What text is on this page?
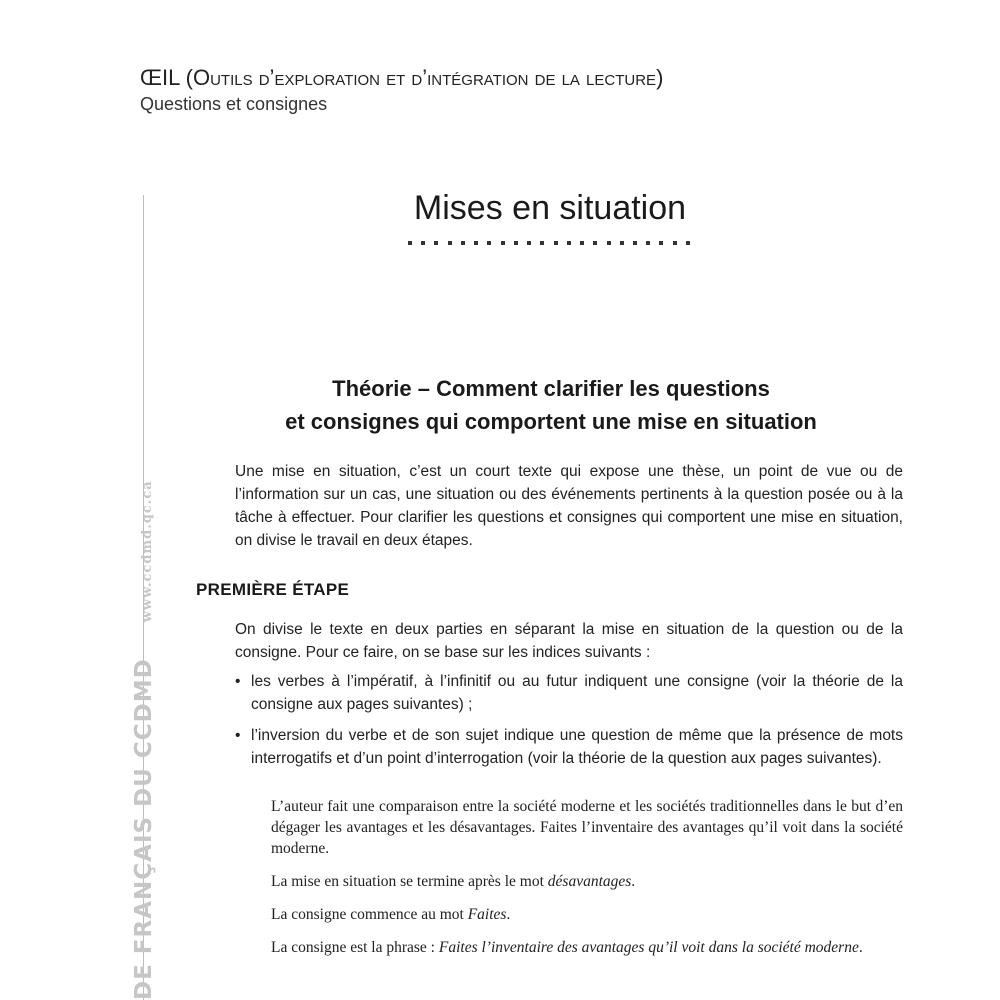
ŒIL (Outils d’exploration et d’intégration de la lecture)
Questions et consignes
DE FRANÇAIS DU CCDMDwww.ccdmd.qc.ca
Mises en situation
Théorie – Comment clarifier les questions
et consignes qui comportent une mise en situation

Une mise en situation, c’est un court texte qui expose une thèse, un point de vue ou de l’information sur un cas, une situation ou des événements pertinents à la question posée ou à la tâche à effectuer. Pour clarifier les questions et consignes qui comportent une mise en situation, on divise le travail en deux étapes.

PREMIÈRE ÉTAPE

On divise le texte en deux parties en séparant la mise en situation de la question ou de la consigne. Pour ce faire, on se base sur les indices suivants :

• les verbes à l’impératif, à l’infinitif ou au futur indiquent une consigne (voir la théorie de la consigne aux pages suivantes) ;
• l’inversion du verbe et de son sujet indique une question de même que la présence de mots interrogatifs et d’un point d’interrogation (voir la théorie de la question aux pages suivantes).

L’auteur fait une comparaison entre la société moderne et les sociétés traditionnelles dans le but d’en dégager les avantages et les désavantages. Faites l’inventaire des avantages qu’il voit dans la société moderne.

La mise en situation se termine après le mot désavantages.

La consigne commence au mot Faites.

La consigne est la phrase : Faites l’inventaire des avantages qu’il voit dans la société moderne.
